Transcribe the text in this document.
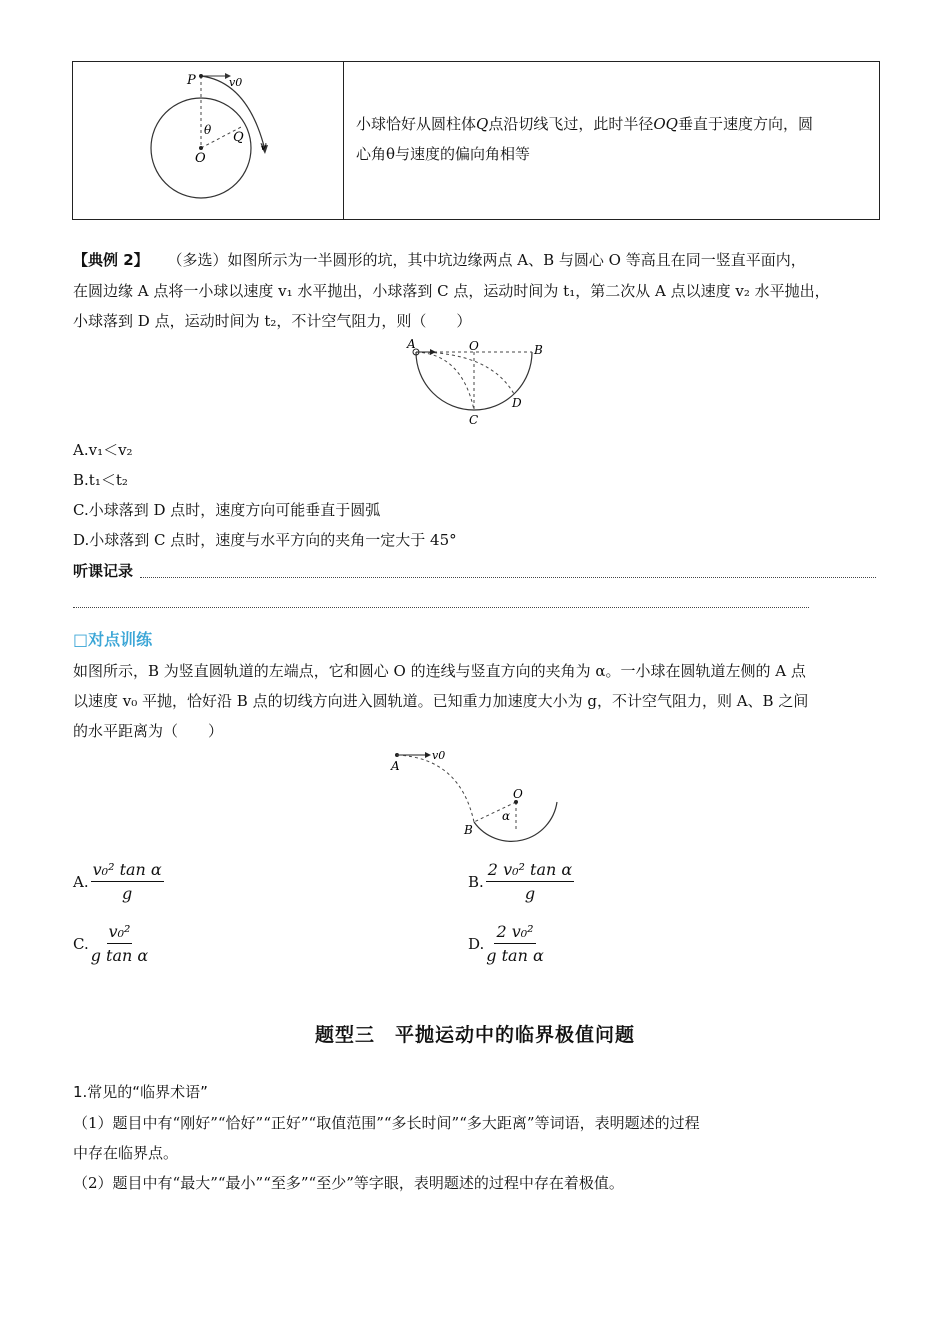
P	v0
θ Q
O
v
小球恰好从圆柱体Q点沿切线飞过，此时半径OQ垂直于速度方向，圆
心角θ与速度的偏向角相等
【典例 2】 （多选）如图所示为一半圆形的坑，其中坑边缘两点 A、B 与圆心 O 等高且在同一竖直平面内，
在圆边缘 A 点将一小球以速度 v₁ 水平抛出，小球落到 C 点，运动时间为 t₁，第二次从 A 点以速度 v₂ 水平抛出，
小球落到 D 点，运动时间为 t₂，不计空气阻力，则（　　）
A	O	B
D
C
A.v₁＜v₂
B.t₁＜t₂
C.小球落到 D 点时，速度方向可能垂直于圆弧
D.小球落到 C 点时，速度与水平方向的夹角一定大于 45°
听课记录
□对点训练
如图所示，B 为竖直圆轨道的左端点，它和圆心 O 的连线与竖直方向的夹角为 α。一小球在圆轨道左侧的 A 点
以速度 v₀ 平抛，恰好沿 B 点的切线方向进入圆轨道。已知重力加速度大小为 g，不计空气阻力，则 A、B 之间
的水平距离为（　　）
A
v0
O
α
B
A. $\frac{\text{v₀² tan α}}{g}$	B. $\frac{\text{2 v₀² tan α}}{g}$
C. $\frac{\text{v₀²}}{\text{g tan α}}$	D. $\frac{\text{2 v₀²}}{\text{g tan α}}$
题型三　平抛运动中的临界极值问题
1.常见的“临界术语”
（1）题目中有“刚好”“恰好”“正好”“取值范围”“多长时间”“多大距离”等词语，表明题述的过程
中存在临界点。
（2）题目中有“最大”“最小”“至多”“至少”等字眼，表明题述的过程中存在着极值。
